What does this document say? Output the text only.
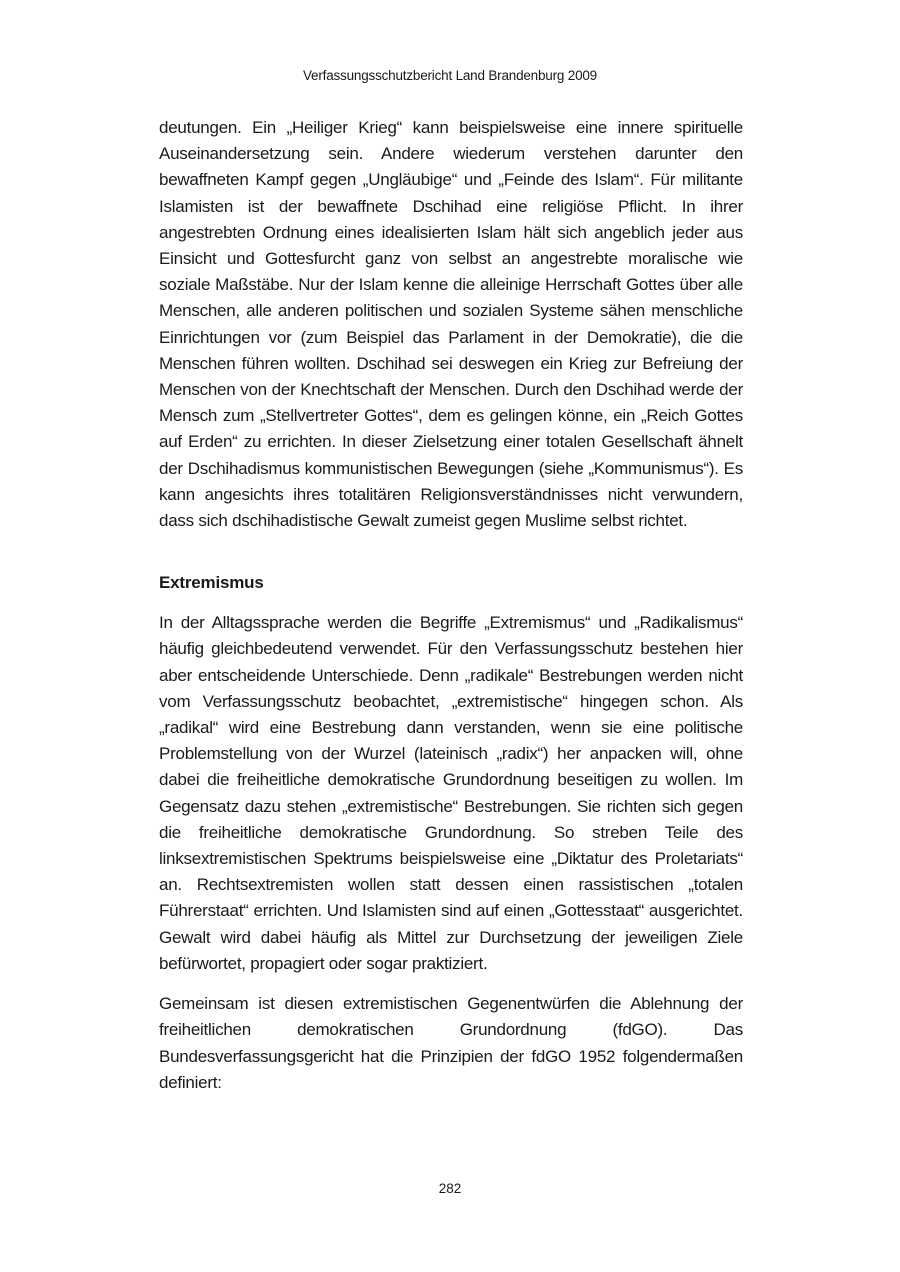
Verfassungsschutzbericht Land Brandenburg 2009

deutungen. Ein „Heiliger Krieg“ kann beispielsweise eine innere spirituelle Auseinandersetzung sein. Andere wiederum verstehen darunter den bewaffneten Kampf gegen „Ungläubige“ und „Feinde des Islam“. Für militante Islamisten ist der bewaffnete Dschihad eine religiöse Pflicht. In ihrer angestrebten Ordnung eines idealisierten Islam hält sich angeblich jeder aus Einsicht und Gottesfurcht ganz von selbst an angestrebte moralische wie soziale Maßstäbe. Nur der Islam kenne die alleinige Herrschaft Gottes über alle Menschen, alle anderen politischen und sozialen Systeme sähen menschliche Einrichtungen vor (zum Beispiel das Parlament in der Demokratie), die die Menschen führen wollten. Dschihad sei deswegen ein Krieg zur Befreiung der Menschen von der Knechtschaft der Menschen. Durch den Dschihad werde der Mensch zum „Stellvertreter Gottes“, dem es gelingen könne, ein „Reich Gottes auf Erden“ zu errichten. In dieser Zielsetzung einer totalen Gesellschaft ähnelt der Dschihadismus kommunistischen Bewegungen (siehe „Kommunismus“). Es kann angesichts ihres totalitären Religionsverständnisses nicht verwundern, dass sich dschihadistische Gewalt zumeist gegen Muslime selbst richtet.

Extremismus

In der Alltagssprache werden die Begriffe „Extremismus“ und „Radikalismus“ häufig gleichbedeutend verwendet. Für den Verfassungsschutz bestehen hier aber entscheidende Unterschiede. Denn „radikale“ Bestrebungen werden nicht vom Verfassungsschutz beobachtet, „extremistische“ hingegen schon. Als „radikal“ wird eine Bestrebung dann verstanden, wenn sie eine politische Problemstellung von der Wurzel (lateinisch „radix“) her anpacken will, ohne dabei die freiheitliche demokratische Grundordnung beseitigen zu wollen. Im Gegensatz dazu stehen „extremistische“ Bestrebungen. Sie richten sich gegen die freiheitliche demokratische Grundordnung. So streben Teile des linksextremistischen Spektrums beispielsweise eine „Diktatur des Proletariats“ an. Rechtsextremisten wollen statt dessen einen rassistischen „totalen Führerstaat“ errichten. Und Islamisten sind auf einen „Gottesstaat“ ausgerichtet. Gewalt wird dabei häufig als Mittel zur Durchsetzung der jeweiligen Ziele befürwortet, propagiert oder sogar praktiziert.

Gemeinsam ist diesen extremistischen Gegenentwürfen die Ablehnung der freiheitlichen demokratischen Grundordnung (fdGO). Das Bundesverfassungsgericht hat die Prinzipien der fdGO 1952 folgendermaßen definiert:

282
